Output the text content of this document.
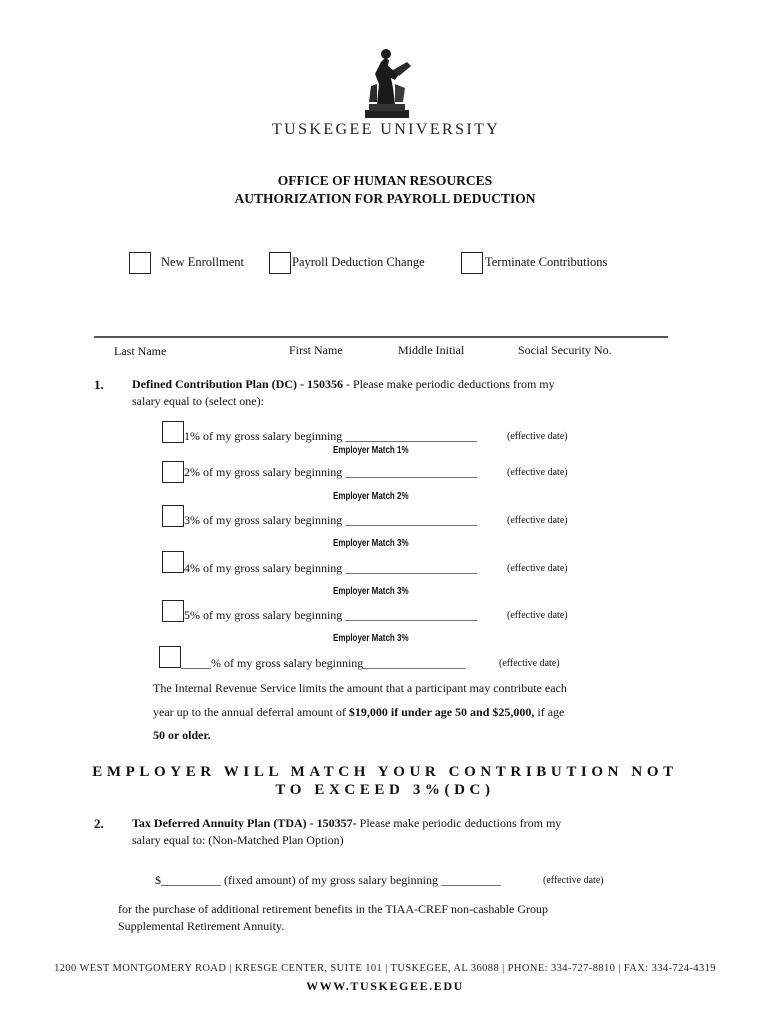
TUSKEGEE UNIVERSITY
OFFICE OF HUMAN RESOURCES
AUTHORIZATION FOR PAYROLL DEDUCTION
New Enrollment	Payroll Deduction Change	Terminate Contributions
Last Name	First Name	Middle Initial	Social Security No.
1. Defined Contribution Plan (DC) - 150356 - Please make periodic deductions from my
salary equal to (select one):
1% of my gross salary beginning ______________________	(effective date)
Employer Match 1%
2% of my gross salary beginning ______________________	(effective date)
Employer Match 2%
3% of my gross salary beginning ______________________	(effective date)
Employer Match 3%
4% of my gross salary beginning ______________________	(effective date)
Employer Match 3%
5% of my gross salary beginning ______________________	(effective date)
Employer Match 3%
_____% of my gross salary beginning_________________	(effective date)
The Internal Revenue Service limits the amount that a participant may contribute each
year up to the annual deferral amount of $19,000 if under age 50 and $25,000, if age
50 or older.
EMPLOYER WILL MATCH YOUR CONTRIBUTION NOT
TO EXCEED 3%(DC)
2. Tax Deferred Annuity Plan (TDA) - 150357- Please make periodic deductions from my
salary equal to: (Non-Matched Plan Option)
$__________ (fixed amount) of my gross salary beginning __________	(effective date)
for the purchase of additional retirement benefits in the TIAA-CREF non-cashable Group
Supplemental Retirement Annuity.
1200 WEST MONTGOMERY ROAD | KRESGE CENTER, SUITE 101 | TUSKEGEE, AL 36088 | PHONE: 334-727-8810 | FAX: 334-724-4319
WWW.TUSKEGEE.EDU
